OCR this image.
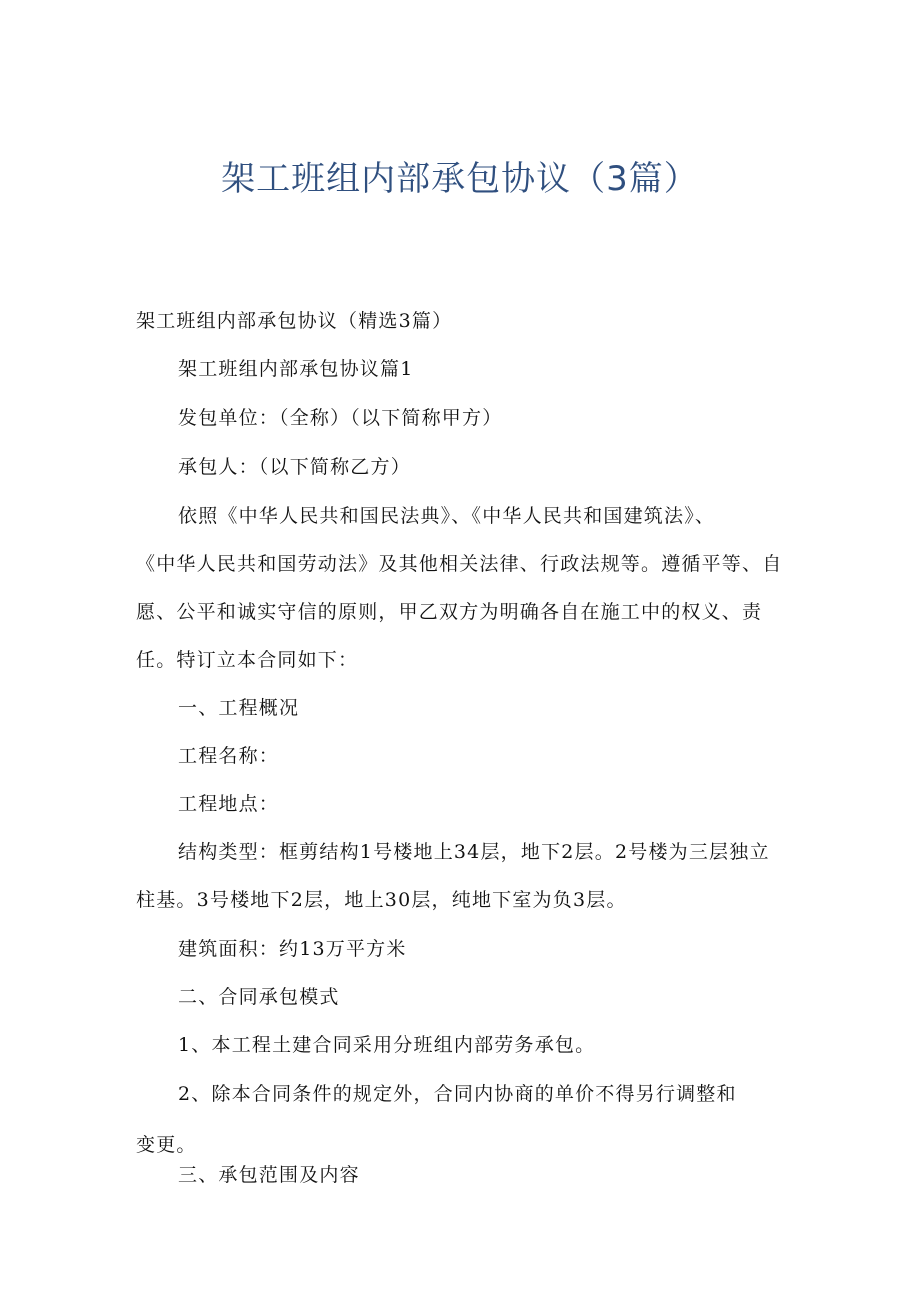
架工班组内部承包协议（3篇）
架工班组内部承包协议（精选3篇）
架工班组内部承包协议篇1
发包单位：（全称）（以下简称甲方）
承包人：（以下简称乙方）
依照《中华人民共和国民法典》、《中华人民共和国建筑法》、
《中华人民共和国劳动法》及其他相关法律、行政法规等。遵循平等、自
愿、公平和诚实守信的原则，甲乙双方为明确各自在施工中的权义、责
任。特订立本合同如下：
一、工程概况
工程名称：
工程地点：
结构类型：框剪结构1号楼地上34层，地下2层。2号楼为三层独立
柱基。3号楼地下2层，地上30层，纯地下室为负3层。
建筑面积：约13万平方米
二、合同承包模式
1、本工程土建合同采用分班组内部劳务承包。
2、除本合同条件的规定外，合同内协商的单价不得另行调整和
变更。
三、承包范围及内容
